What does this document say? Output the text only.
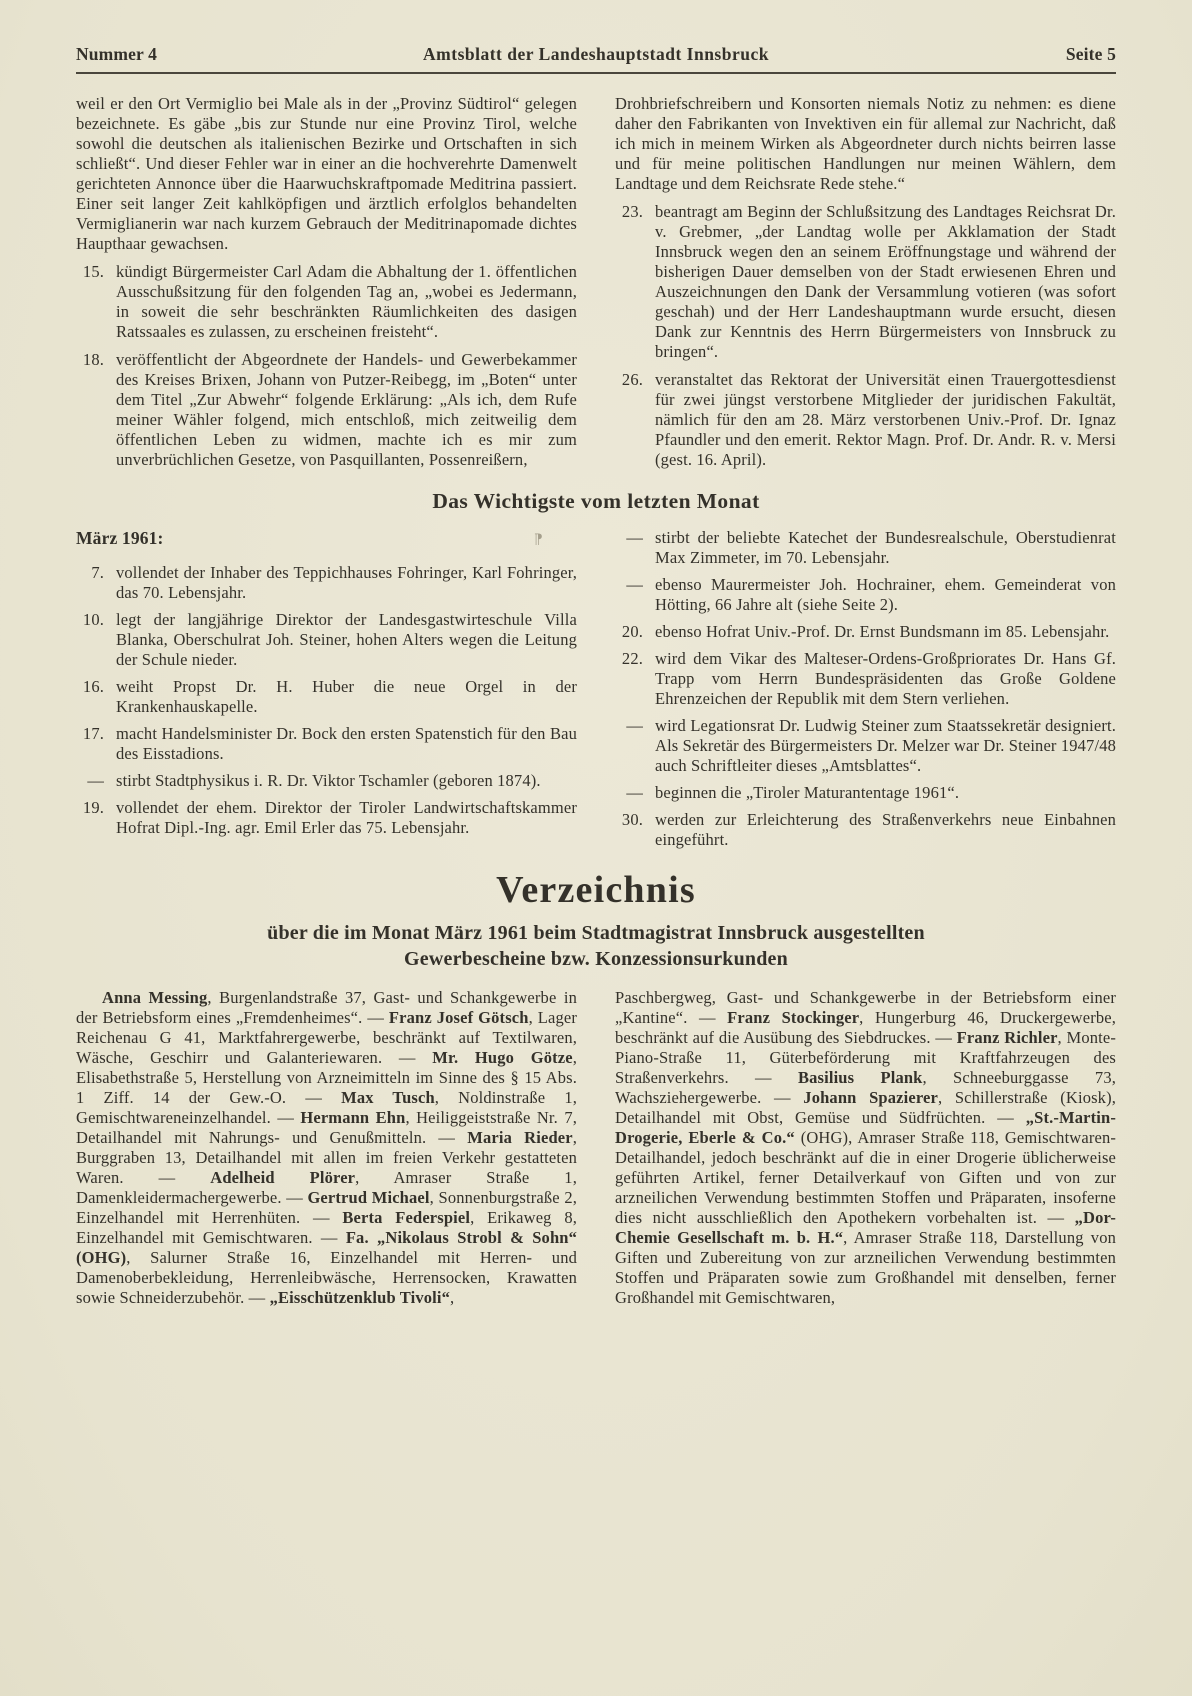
Nummer 4	Amtsblatt der Landeshauptstadt Innsbruck	Seite 5

weil er den Ort Vermiglio bei Male als in der „Provinz Südtirol“ gelegen bezeichnete. Es gäbe „bis zur Stunde nur eine Provinz Tirol, welche sowohl die deutschen als italienischen Bezirke und Ortschaften in sich schließt“. Und dieser Fehler war in einer an die hochverehrte Damenwelt gerichteten Annonce über die Haarwuchskraftpomade Meditrina passiert. Einer seit langer Zeit kahlköpfigen und ärztlich erfolglos behandelten Vermiglianerin war nach kurzem Gebrauch der Meditrinapomade dichtes Haupthaar gewachsen.

15. kündigt Bürgermeister Carl Adam die Abhaltung der 1. öffentlichen Ausschußsitzung für den folgenden Tag an, „wobei es Jedermann, in soweit die sehr beschränkten Räumlichkeiten des dasigen Ratssaales es zulassen, zu erscheinen freisteht“.
18. veröffentlicht der Abgeordnete der Handels- und Gewerbekammer des Kreises Brixen, Johann von Putzer-Reibegg, im „Boten“ unter dem Titel „Zur Abwehr“ folgende Erklärung: „Als ich, dem Rufe meiner Wähler folgend, mich entschloß, mich zeitweilig dem öffentlichen Leben zu widmen, machte ich es mir zum unverbrüchlichen Gesetze, von Pasquillanten, Possenreißern,

Drohbriefschreibern und Konsorten niemals Notiz zu nehmen: es diene daher den Fabrikanten von Invektiven ein für allemal zur Nachricht, daß ich mich in meinem Wirken als Abgeordneter durch nichts beirren lasse und für meine politischen Handlungen nur meinen Wählern, dem Landtage und dem Reichsrate Rede stehe.“

23. beantragt am Beginn der Schlußsitzung des Landtages Reichsrat Dr. v. Grebmer, „der Landtag wolle per Akklamation der Stadt Innsbruck wegen den an seinem Eröffnungstage und während der bisherigen Dauer demselben von der Stadt erwiesenen Ehren und Auszeichnungen den Dank der Versammlung votieren (was sofort geschah) und der Herr Landeshauptmann wurde ersucht, diesen Dank zur Kenntnis des Herrn Bürgermeisters von Innsbruck zu bringen“.
26. veranstaltet das Rektorat der Universität einen Trauergottesdienst für zwei jüngst verstorbene Mitglieder der juridischen Fakultät, nämlich für den am 28. März verstorbenen Univ.-Prof. Dr. Ignaz Pfaundler und den emerit. Rektor Magn. Prof. Dr. Andr. R. v. Mersi (gest. 16. April).
Das Wichtigste vom letzten Monat
März 1961:	⁋
7. vollendet der Inhaber des Teppichhauses Fohringer, Karl Fohringer, das 70. Lebensjahr.
10. legt der langjährige Direktor der Landesgastwirteschule Villa Blanka, Oberschulrat Joh. Steiner, hohen Alters wegen die Leitung der Schule nieder.
16. weiht Propst Dr. H. Huber die neue Orgel in der Krankenhauskapelle.
17. macht Handelsminister Dr. Bock den ersten Spatenstich für den Bau des Eisstadions.
— stirbt Stadtphysikus i. R. Dr. Viktor Tschamler (geboren 1874).
19. vollendet der ehem. Direktor der Tiroler Landwirtschaftskammer Hofrat Dipl.-Ing. agr. Emil Erler das 75. Lebensjahr.
— stirbt der beliebte Katechet der Bundesrealschule, Oberstudienrat Max Zimmeter, im 70. Lebensjahr.
— ebenso Maurermeister Joh. Hochrainer, ehem. Gemeinderat von Hötting, 66 Jahre alt (siehe Seite 2).
20. ebenso Hofrat Univ.-Prof. Dr. Ernst Bundsmann im 85. Lebensjahr.
22. wird dem Vikar des Malteser-Ordens-Großpriorates Dr. Hans Gf. Trapp vom Herrn Bundespräsidenten das Große Goldene Ehrenzeichen der Republik mit dem Stern verliehen.
— wird Legationsrat Dr. Ludwig Steiner zum Staatssekretär designiert. Als Sekretär des Bürgermeisters Dr. Melzer war Dr. Steiner 1947/48 auch Schriftleiter dieses „Amtsblattes“.
— beginnen die „Tiroler Maturantentage 1961“.
30. werden zur Erleichterung des Straßenverkehrs neue Einbahnen eingeführt.
Verzeichnis
über die im Monat März 1961 beim Stadtmagistrat Innsbruck ausgestellten
Gewerbescheine bzw. Konzessionsurkunden

Anna Messing, Burgenlandstraße 37, Gast- und Schankgewerbe in der Betriebsform eines „Fremdenheimes“. — Franz Josef Götsch, Lager Reichenau G 41, Marktfahrergewerbe, beschränkt auf Textilwaren, Wäsche, Geschirr und Galanteriewaren. — Mr. Hugo Götze, Elisabethstraße 5, Herstellung von Arzneimitteln im Sinne des § 15 Abs. 1 Ziff. 14 der Gew.-O. — Max Tusch, Noldinstraße 1, Gemischtwareneinzelhandel. — Hermann Ehn, Heiliggeiststraße Nr. 7, Detailhandel mit Nahrungs- und Genußmitteln. — Maria Rieder, Burggraben 13, Detailhandel mit allen im freien Verkehr gestatteten Waren. — Adelheid Plörer, Amraser Straße 1, Damenkleidermachergewerbe. — Gertrud Michael, Sonnenburgstraße 2, Einzelhandel mit Herrenhüten. — Berta Federspiel, Erikaweg 8, Einzelhandel mit Gemischtwaren. — Fa. „Nikolaus Strobl & Sohn“ (OHG), Salurner Straße 16, Einzelhandel mit Herren- und Damenoberbekleidung, Herrenleibwäsche, Herrensocken, Krawatten sowie Schneiderzubehör. — „Eisschützenklub Tivoli“,

Paschbergweg, Gast- und Schankgewerbe in der Betriebsform einer „Kantine“. — Franz Stockinger, Hungerburg 46, Druckergewerbe, beschränkt auf die Ausübung des Siebdruckes. — Franz Richler, Monte-Piano-Straße 11, Güterbeförderung mit Kraftfahrzeugen des Straßenverkehrs. — Basilius Plank, Schneeburggasse 73, Wachsziehergewerbe. — Johann Spazierer, Schillerstraße (Kiosk), Detailhandel mit Obst, Gemüse und Südfrüchten. — „St.-Martin-Drogerie, Eberle & Co.“ (OHG), Amraser Straße 118, Gemischtwaren-Detailhandel, jedoch beschränkt auf die in einer Drogerie üblicherweise geführten Artikel, ferner Detailverkauf von Giften und von zur arzneilichen Verwendung bestimmten Stoffen und Präparaten, insoferne dies nicht ausschließlich den Apothekern vorbehalten ist. — „Dor-Chemie Gesellschaft m. b. H.“, Amraser Straße 118, Darstellung von Giften und Zubereitung von zur arzneilichen Verwendung bestimmten Stoffen und Präparaten sowie zum Großhandel mit denselben, ferner Großhandel mit Gemischtwaren,
